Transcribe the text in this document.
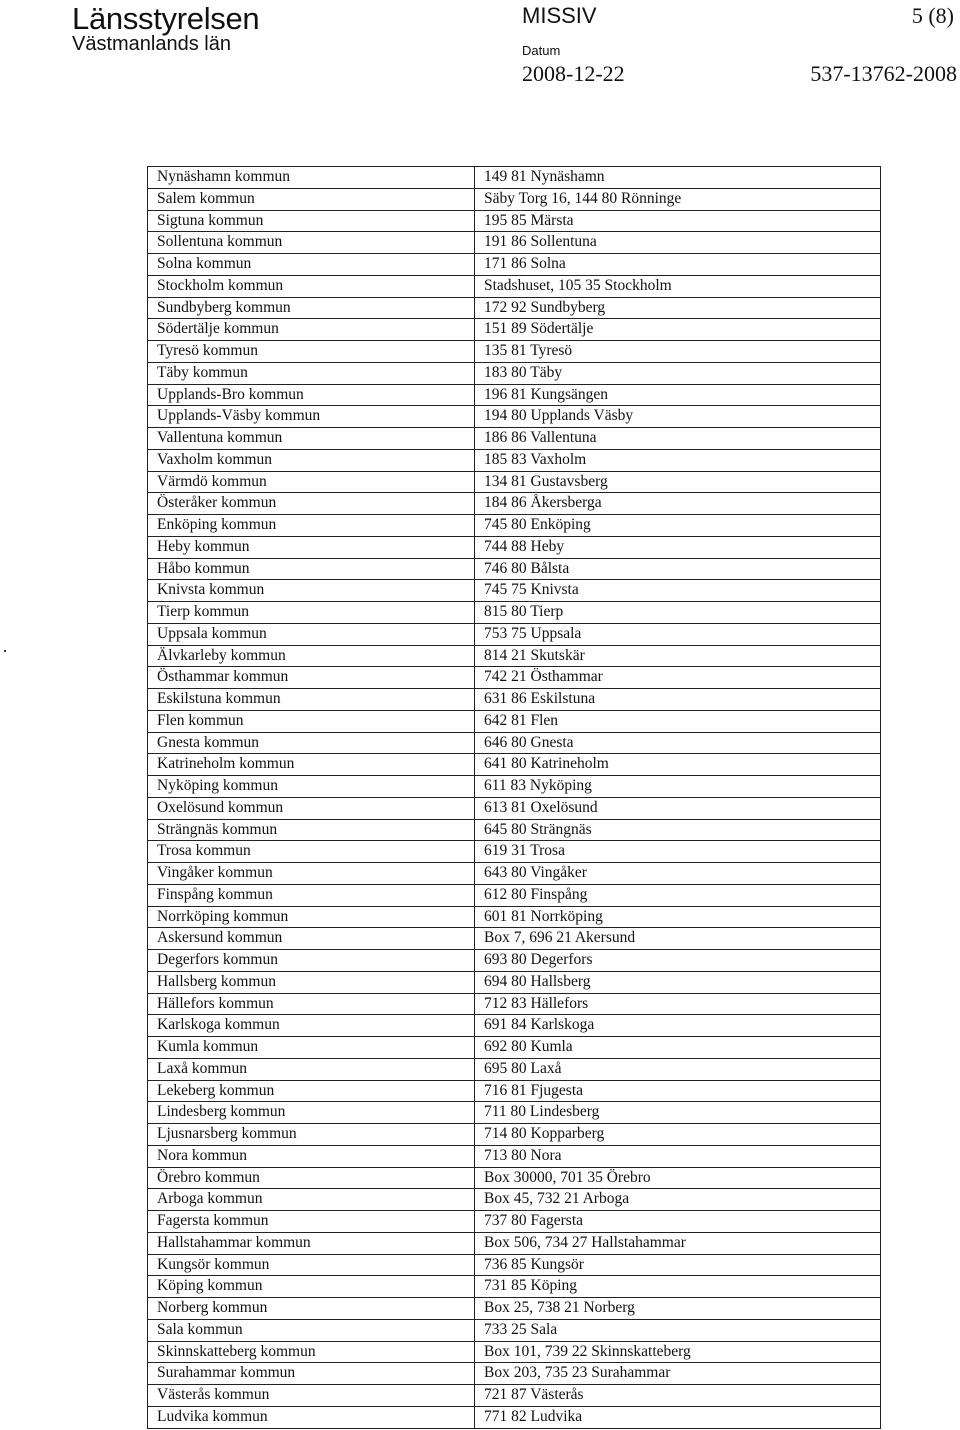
Länsstyrelsen
Västmanlands län
MISSIV	5 (8)
Datum
2008-12-22	537-13762-2008
Nynäshamn kommun	149 81 Nynäshamn
Salem kommun	Säby Torg 16, 144 80 Rönninge
Sigtuna kommun	195 85 Märsta
Sollentuna kommun	191 86 Sollentuna
Solna kommun	171 86 Solna
Stockholm kommun	Stadshuset, 105 35 Stockholm
Sundbyberg kommun	172 92 Sundbyberg
Södertälje kommun	151 89 Södertälje
Tyresö kommun	135 81 Tyresö
Täby kommun	183 80 Täby
Upplands-Bro kommun	196 81 Kungsängen
Upplands-Väsby kommun	194 80 Upplands Väsby
Vallentuna kommun	186 86 Vallentuna
Vaxholm kommun	185 83 Vaxholm
Värmdö kommun	134 81 Gustavsberg
Österåker kommun	184 86 Åkersberga
Enköping kommun	745 80 Enköping
Heby kommun	744 88 Heby
Håbo kommun	746 80 Bålsta
Knivsta kommun	745 75 Knivsta
Tierp kommun	815 80 Tierp
Uppsala kommun	753 75 Uppsala
Älvkarleby kommun	814 21 Skutskär
Östhammar kommun	742 21 Östhammar
Eskilstuna kommun	631 86 Eskilstuna
Flen kommun	642 81 Flen
Gnesta kommun	646 80 Gnesta
Katrineholm kommun	641 80 Katrineholm
Nyköping kommun	611 83 Nyköping
Oxelösund kommun	613 81 Oxelösund
Strängnäs kommun	645 80 Strängnäs
Trosa kommun	619 31 Trosa
Vingåker kommun	643 80 Vingåker
Finspång kommun	612 80 Finspång
Norrköping kommun	601 81 Norrköping
Askersund kommun	Box 7, 696 21 Akersund
Degerfors kommun	693 80 Degerfors
Hallsberg kommun	694 80 Hallsberg
Hällefors kommun	712 83 Hällefors
Karlskoga kommun	691 84 Karlskoga
Kumla kommun	692 80 Kumla
Laxå kommun	695 80 Laxå
Lekeberg kommun	716 81 Fjugesta
Lindesberg kommun	711 80 Lindesberg
Ljusnarsberg kommun	714 80 Kopparberg
Nora kommun	713 80 Nora
Örebro kommun	Box 30000, 701 35 Örebro
Arboga kommun	Box 45, 732 21 Arboga
Fagersta kommun	737 80 Fagersta
Hallstahammar kommun	Box 506, 734 27 Hallstahammar
Kungsör kommun	736 85 Kungsör
Köping kommun	731 85 Köping
Norberg kommun	Box 25, 738 21 Norberg
Sala kommun	733 25 Sala
Skinnskatteberg kommun	Box 101, 739 22 Skinnskatteberg
Surahammar kommun	Box 203, 735 23 Surahammar
Västerås kommun	721 87 Västerås
Ludvika kommun	771 82 Ludvika
